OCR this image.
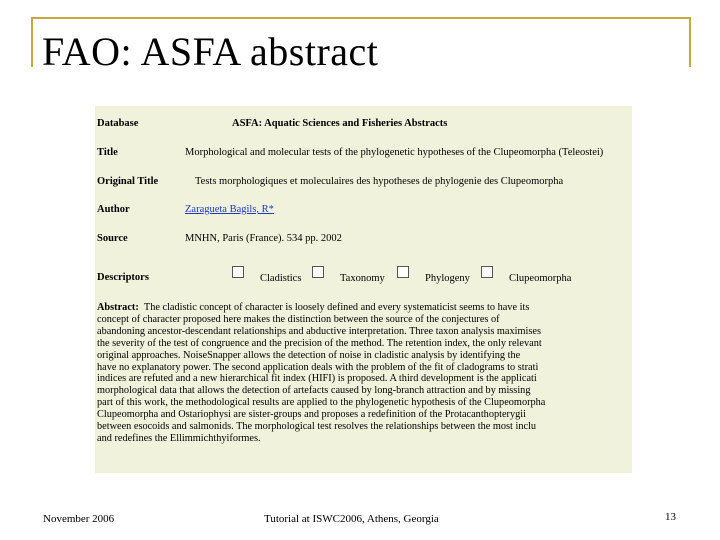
FAO: ASFA abstract
Database	ASFA: Aquatic Sciences and Fisheries Abstracts
Title	Morphological and molecular tests of the phylogenetic hypotheses of the Clupeomorpha (Teleostei)
Original Title	Tests morphologiques et moleculaires des hypotheses de phylogenie des Clupeomorpha
Author	Zaragueta Bagils, R*
Source	MNHN, Paris (France). 534 pp. 2002
Descriptors	Cladistics	Taxonomy	Phylogeny	Clupeomorpha
Abstract: The cladistic concept of character is loosely defined and every systematicist seems to have its
concept of character proposed here makes the distinction between the source of the conjectures of
abandoning ancestor-descendant relationships and abductive interpretation. Three taxon analysis maximises
the severity of the test of congruence and the precision of the method. The retention index, the only relevant
original approaches. NoiseSnapper allows the detection of noise in cladistic analysis by identifying the
have no explanatory power. The second application deals with the problem of the fit of cladograms to strati
indices are refuted and a new hierarchical fit index (HIFI) is proposed. A third development is the applicati
morphological data that allows the detection of artefacts caused by long-branch attraction and by missing
part of this work, the methodological results are applied to the phylogenetic hypothesis of the Clupeomorpha
Clupeomorpha and Ostariophysi are sister-groups and proposes a redefinition of the Protacanthopterygii
between esocoids and salmonids. The morphological test resolves the relationships between the most inclu
and redefines the Ellimmichthyiformes.
November 2006	Tutorial at ISWC2006, Athens, Georgia	13
